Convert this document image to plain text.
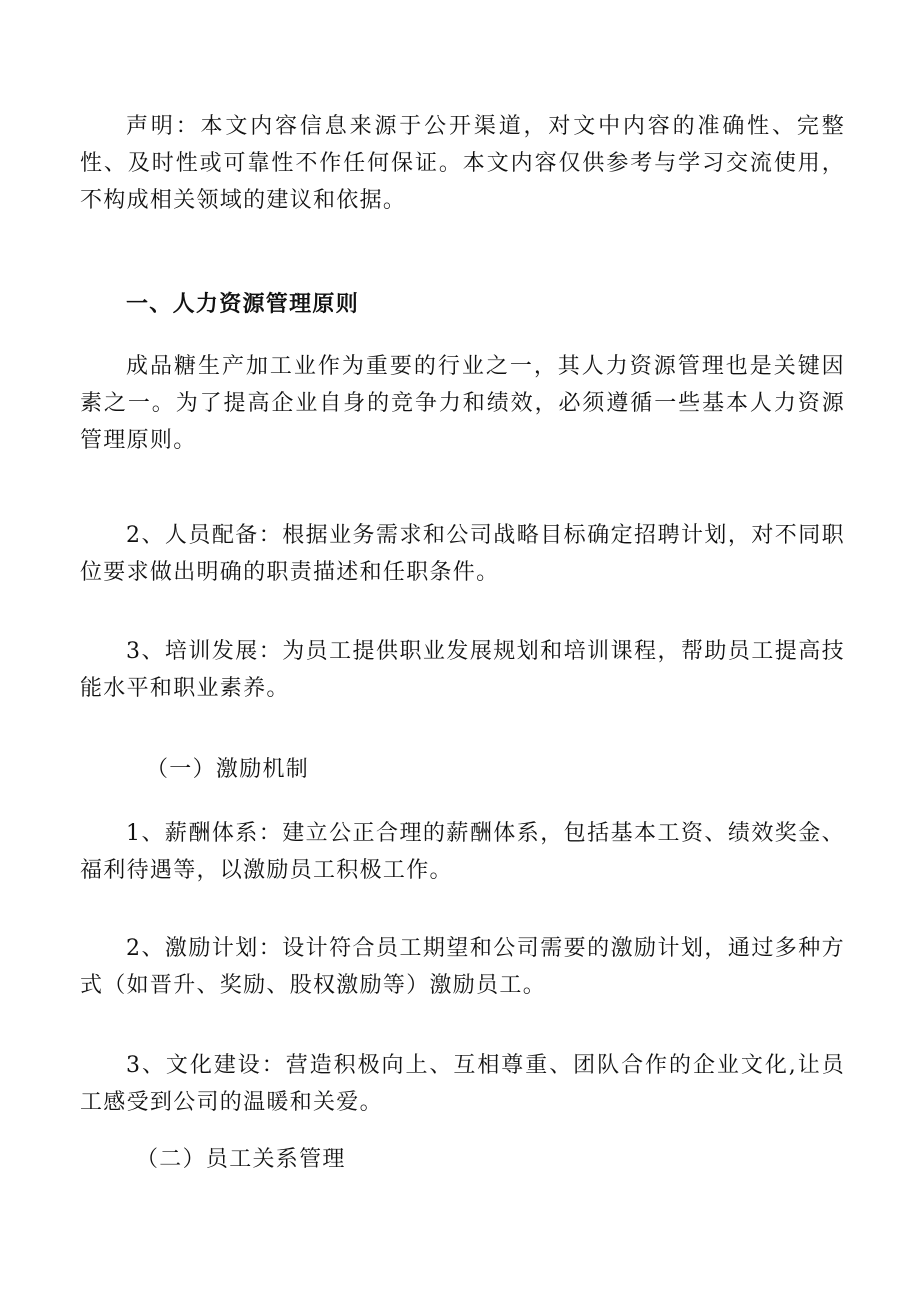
声明：本文内容信息来源于公开渠道，对文中内容的准确性、完整性、及时性或可靠性不作任何保证。本文内容仅供参考与学习交流使用，不构成相关领域的建议和依据。

一、人力资源管理原则

成品糖生产加工业作为重要的行业之一，其人力资源管理也是关键因素之一。为了提高企业自身的竞争力和绩效，必须遵循一些基本人力资源管理原则。

2、人员配备：根据业务需求和公司战略目标确定招聘计划，对不同职位要求做出明确的职责描述和任职条件。

3、培训发展：为员工提供职业发展规划和培训课程，帮助员工提高技能水平和职业素养。

（一）激励机制

1、薪酬体系：建立公正合理的薪酬体系，包括基本工资、绩效奖金、福利待遇等，以激励员工积极工作。

2、激励计划：设计符合员工期望和公司需要的激励计划，通过多种方式（如晋升、奖励、股权激励等）激励员工。

3、文化建设：营造积极向上、互相尊重、团队合作的企业文化,让员工感受到公司的温暖和关爱。

（二）员工关系管理
